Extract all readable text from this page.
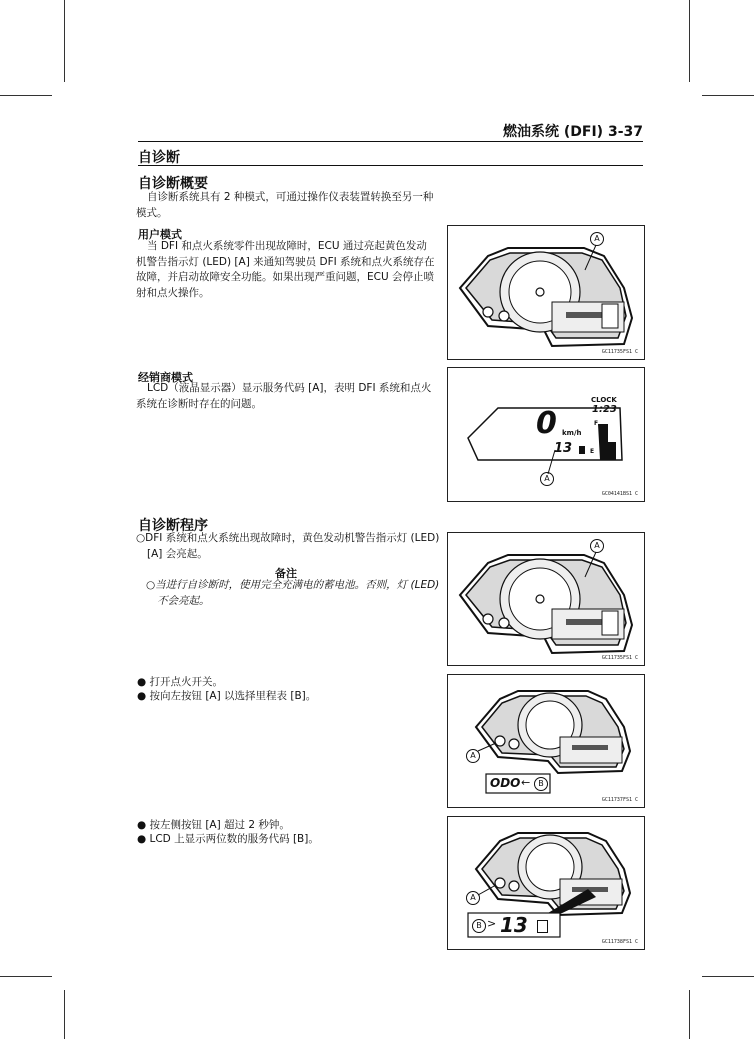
燃油系统 (DFI) 3-37
自诊断
自诊断概要

自诊断系统具有 2 种模式，可通过操作仪表装置转换至另一种模式。

用户模式

当 DFI 和点火系统零件出现故障时，ECU 通过亮起黄色发动机警告指示灯 (LED) [A] 来通知驾驶员 DFI 系统和点火系统存在故障，并启动故障安全功能。如果出现严重问题，ECU 会停止喷射和点火操作。

经销商模式

LCD（液晶显示器）显示服务代码 [A]，表明 DFI 系统和点火系统在诊断时存在的问题。

自诊断程序

○DFI 系统和点火系统出现故障时，黄色发动机警告指示灯 (LED) [A] 会亮起。

备注

○当进行自诊断时，使用完全充满电的蓄电池。否则，灯 (LED) 不会亮起。

● 打开点火开关。
● 按向左按钮 [A] 以选择里程表 [B]。
● 按左侧按钮 [A] 超过 2 秒钟。
● LCD 上显示两位数的服务代码 [B]。
A
GC11735FS1 C
CLOCK
1:23
0 km/h
13	E
F
A
GC04141BS1 C
A
GC11735FS1 C
A
ODO ←	B
GC11737FS1 C
A
B > 13
GC11738FS1 C
